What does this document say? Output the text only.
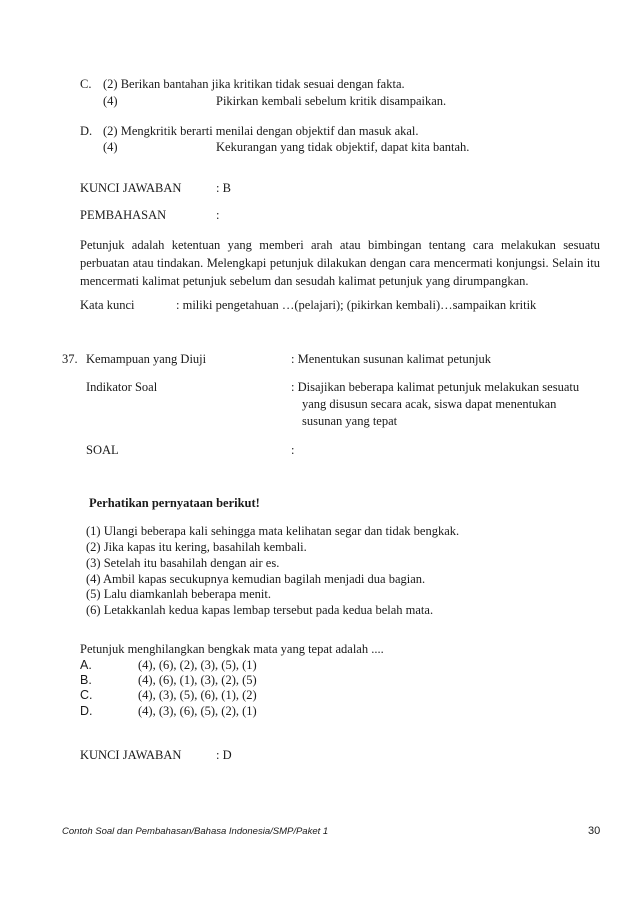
C. (2) Berikan bantahan jika kritikan tidak sesuai dengan fakta.
(4)	Pikirkan kembali sebelum kritik disampaikan.
D. (2) Mengkritik berarti menilai dengan objektif dan masuk akal.
(4)	Kekurangan yang tidak objektif, dapat kita bantah.
KUNCI JAWABAN	: B
PEMBAHASAN	:
Petunjuk adalah ketentuan yang memberi arah atau bimbingan tentang cara melakukan sesuatu perbuatan atau tindakan. Melengkapi petunjuk dilakukan dengan cara mencermati konjungsi. Selain itu mencermati kalimat petunjuk sebelum dan sesudah kalimat petunjuk yang dirumpangkan.
Kata kunci	: miliki pengetahuan …(pelajari); (pikirkan kembali)…sampaikan kritik
37. Kemampuan yang Diuji	: Menentukan susunan kalimat petunjuk
Indikator Soal	: Disajikan beberapa kalimat petunjuk melakukan sesuatu
yang disusun secara acak, siswa dapat menentukan
susunan yang tepat
SOAL	:
Perhatikan pernyataan berikut!
(1) Ulangi beberapa kali sehingga mata kelihatan segar dan tidak bengkak.
(2) Jika kapas itu kering, basahilah kembali.
(3) Setelah itu basahilah dengan air es.
(4) Ambil kapas secukupnya kemudian bagilah menjadi dua bagian.
(5) Lalu diamkanlah beberapa menit.
(6) Letakkanlah kedua kapas lembap tersebut pada kedua belah mata.
Petunjuk menghilangkan bengkak mata yang tepat adalah ....
A.	(4), (6), (2), (3), (5), (1)
B.	(4), (6), (1), (3), (2), (5)
C.	(4), (3), (5), (6), (1), (2)
D.	(4), (3), (6), (5), (2), (1)
KUNCI JAWABAN	: D
Contoh Soal dan Pembahasan/Bahasa Indonesia/SMP/Paket 1	30
